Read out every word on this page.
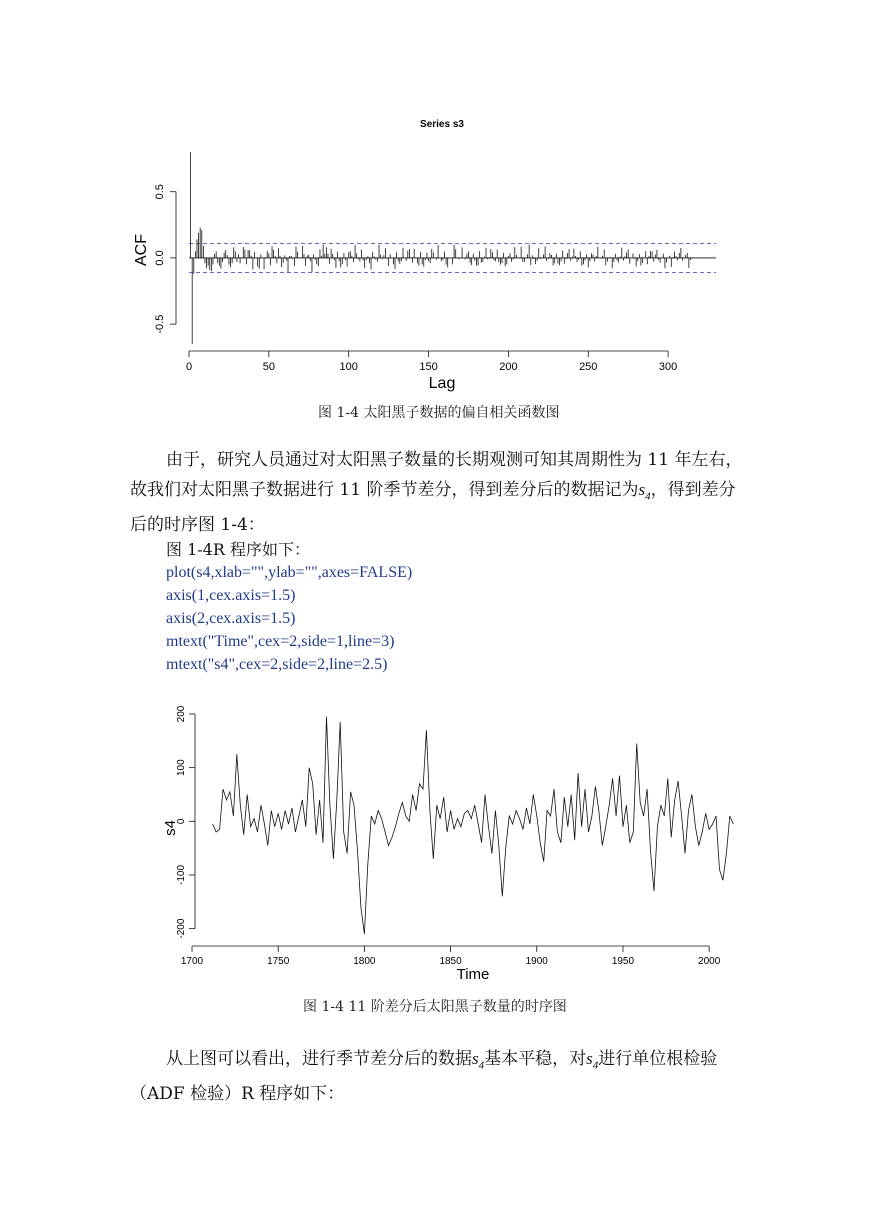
Series s3
0	50	100	150	200	250	300
-0.5
0.0
0.5
ACF
Lag
图 1-4 太阳黑子数据的偏自相关函数图
由于，研究人员通过对太阳黑子数量的长期观测可知其周期性为 11 年左右，
故我们对太阳黑子数据进行 11 阶季节差分，得到差分后的数据记为$s_4$，得到差分
后的时序图 1-4：
图 1-4R 程序如下：
plot(s4,xlab="",ylab="",axes=FALSE)
axis(1,cex.axis=1.5)
axis(2,cex.axis=1.5)
mtext("Time",cex=2,side=1,line=3)
mtext("s4",cex=2,side=2,line=2.5)
1700	1750	1800	1850	1900	1950	2000
-200
-100
0
100
200
s4
Time
图 1-4 11 阶差分后太阳黑子数量的时序图
从上图可以看出，进行季节差分后的数据$s_4$基本平稳，对$s_4$进行单位根检验
（ADF 检验）R 程序如下：
